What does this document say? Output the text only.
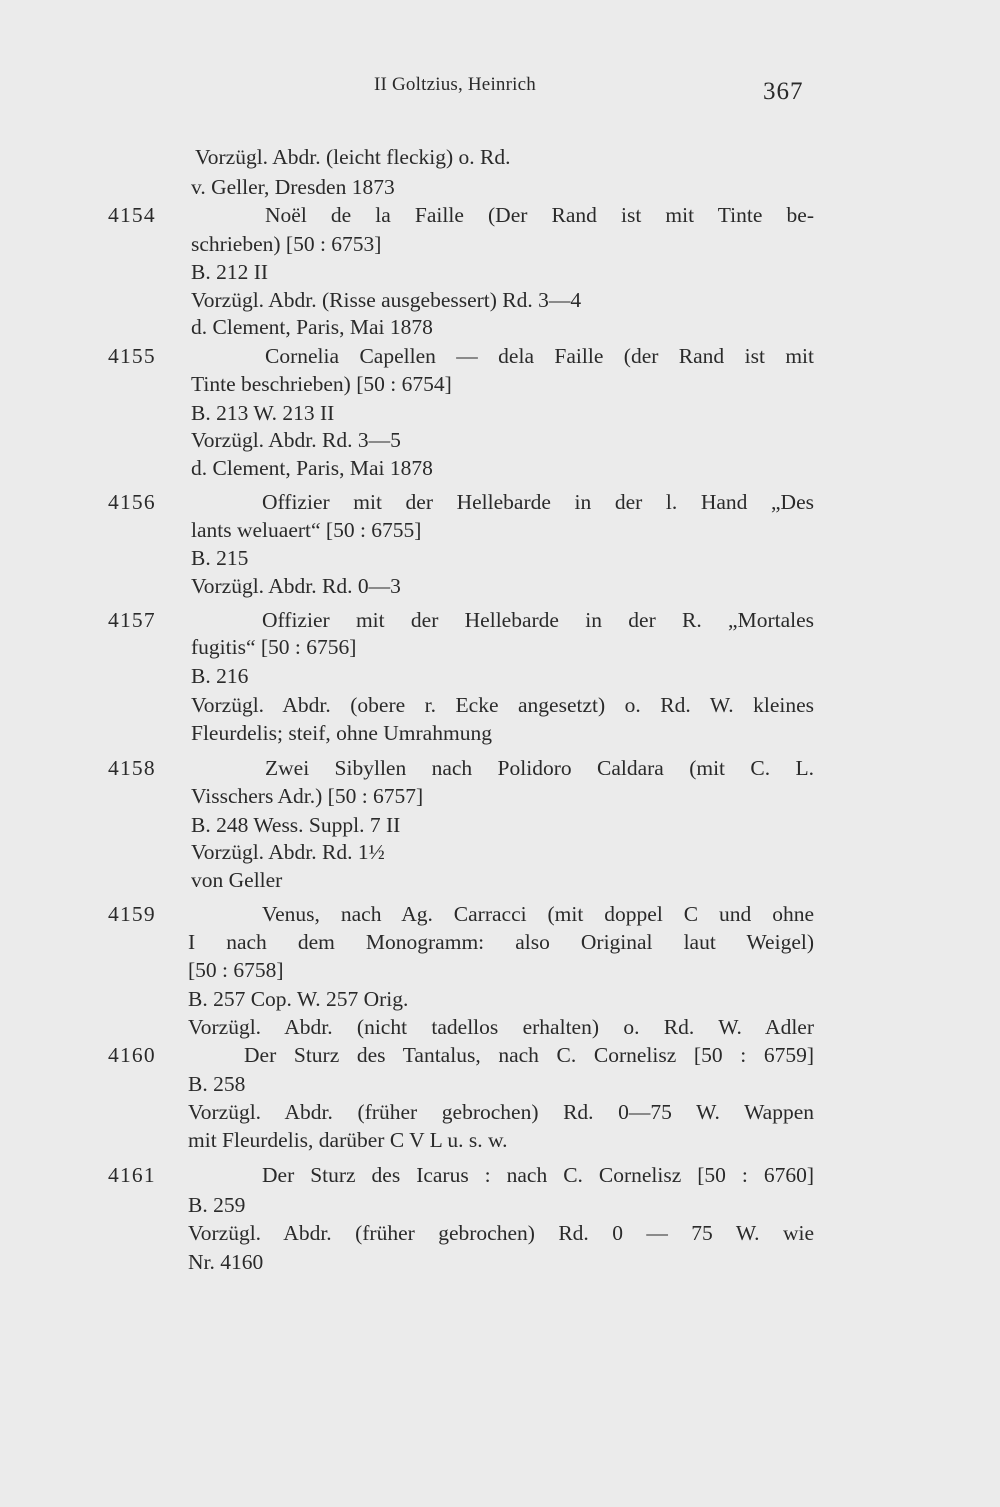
II Goltzius, Heinrich	367
Vorzügl. Abdr. (leicht fleckig) o. Rd.
v. Geller, Dresden 1873
4154	Noël de la Faille (Der Rand ist mit Tinte be-
schrieben) [50 : 6753]
B. 212 II
Vorzügl. Abdr. (Risse ausgebessert) Rd. 3—4
d. Clement, Paris, Mai 1878
4155	Cornelia Capellen — dela Faille (der Rand ist mit
Tinte beschrieben) [50 : 6754]
B. 213 W. 213 II
Vorzügl. Abdr. Rd. 3—5
d. Clement, Paris, Mai 1878
4156	Offizier mit der Hellebarde in der l. Hand „Des
lants weluaert“ [50 : 6755]
B. 215
Vorzügl. Abdr. Rd. 0—3
4157	Offizier mit der Hellebarde in der R. „Mortales
fugitis“ [50 : 6756]
B. 216
Vorzügl. Abdr. (obere r. Ecke angesetzt) o. Rd. W. kleines
Fleurdelis; steif, ohne Umrahmung
4158	Zwei Sibyllen nach Polidoro Caldara (mit C. L.
Visschers Adr.) [50 : 6757]
B. 248 Wess. Suppl. 7 II
Vorzügl. Abdr. Rd. 1½
von Geller
4159	Venus, nach Ag. Carracci (mit doppel C und ohne
I nach dem Monogramm: also Original laut Weigel)
[50 : 6758]
B. 257 Cop. W. 257 Orig.
Vorzügl. Abdr. (nicht tadellos erhalten) o. Rd. W. Adler
4160	Der Sturz des Tantalus, nach C. Cornelisz [50 : 6759]
B. 258
Vorzügl. Abdr. (früher gebrochen) Rd. 0—75 W. Wappen
mit Fleurdelis, darüber C V L u. s. w.
4161	Der Sturz des Icarus : nach C. Cornelisz [50 : 6760]
B. 259
Vorzügl. Abdr. (früher gebrochen) Rd. 0 — 75 W. wie
Nr. 4160
